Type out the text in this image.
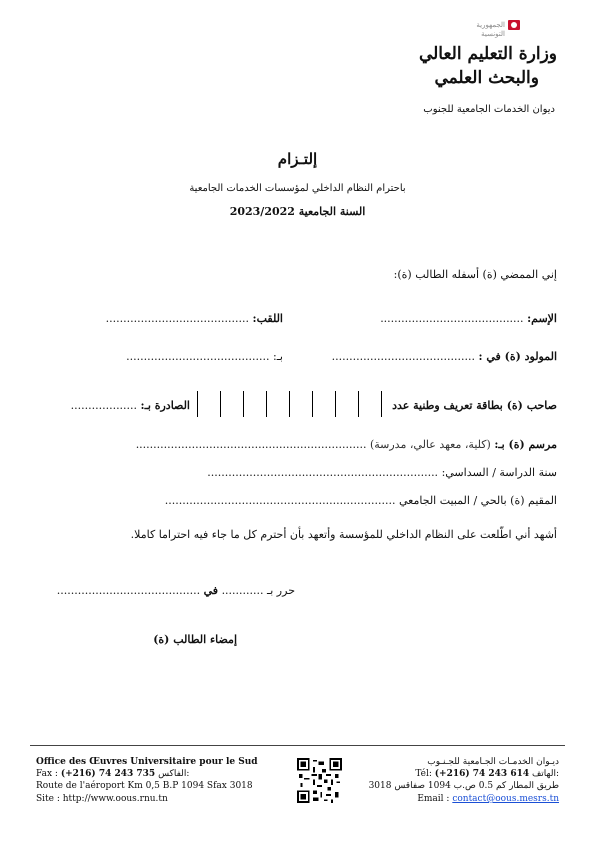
الجمهورية
التونسية
وزارة التعليم العالي
والبحث العلمي
ديوان الخدمات الجامعية للجنوب
إلتـزام
باحترام النظام الداخلي لمؤسسات الخدمات الجامعية
السنة الجامعية 2023/2022
إني الممضي (ة) أسفله الطالب (ة):
الإسم: .........................................
اللقب: .........................................
المولود (ة) في : .........................................
بـ: .........................................
صاحب (ة) بطاقة تعريف وطنية عدد
الصادرة بـ: ...................
مرسم (ة) بـ: (كلية، معهد عالي، مدرسة) ..................................................................
سنة الدراسة / السداسي: ..................................................................
المقيم (ة) بالحي / المبيت الجامعي ..................................................................
أشهد أني اطّلعت على النظام الداخلي للمؤسسة وأتعهد بأن أحترم كل ما جاء فيه احتراما كاملا.
حرر بـ ............ في .........................................
إمضاء الطالب (ة)
Office des Œuvres Universitaire pour le Sud
Fax : (+216) 74 243 735 الفاكس:
Route de l'aéroport Km 0,5 B.P 1094 Sfax 3018
Site : http://www.oous.rnu.tn
ديـوان الخدمـات الجـامعية للجـنـوب
Tél: (+216) 74 243 614 الهاتف:
طريق المطار كم 0.5 ص.ب 1094 صفاقس 3018
Email : contact@oous.mesrs.tn
